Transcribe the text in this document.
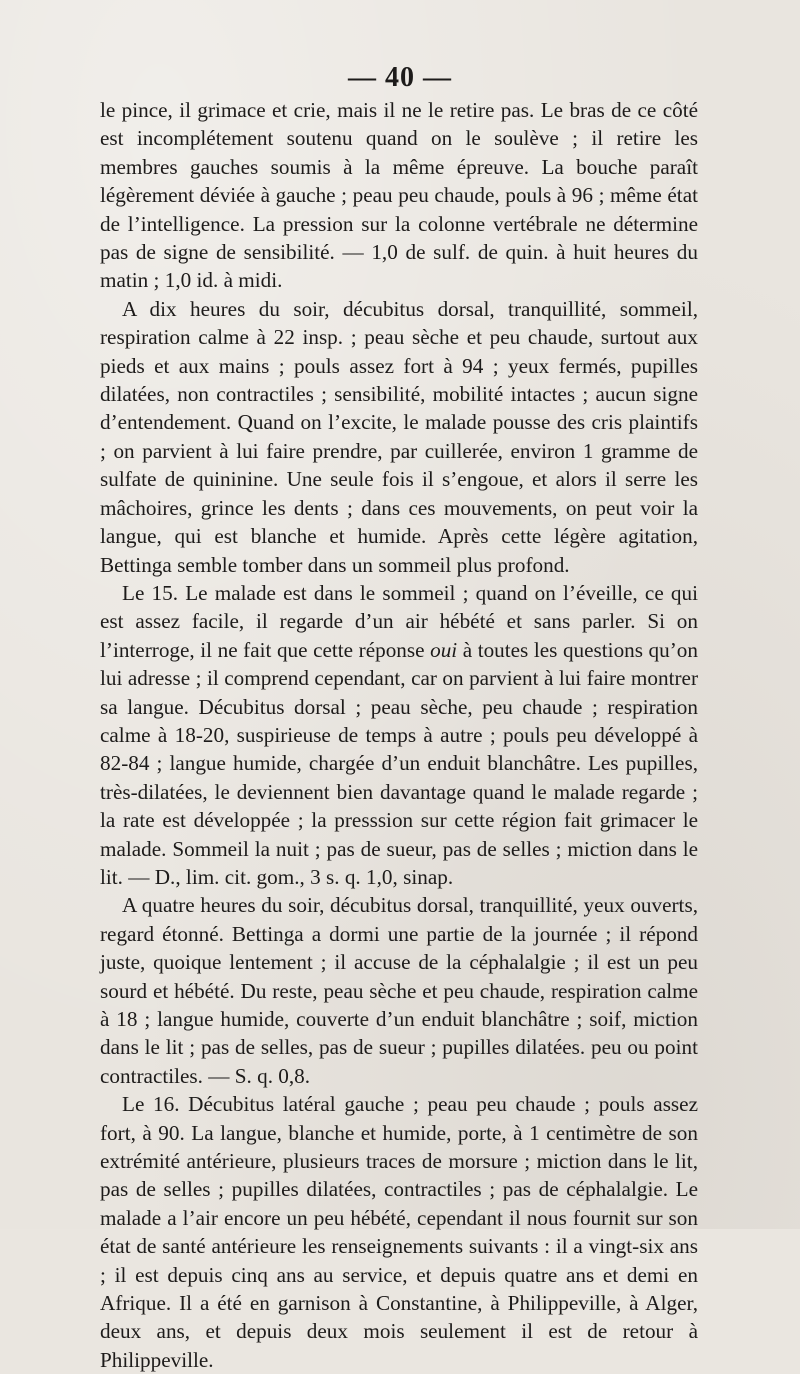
— 40 —

le pince, il grimace et crie, mais il ne le retire pas. Le bras de ce côté est incomplétement soutenu quand on le soulève ; il retire les membres gauches soumis à la même épreuve. La bouche paraît légèrement déviée à gauche ; peau peu chaude, pouls à 96 ; même état de l’intelligence. La pression sur la colonne vertébrale ne détermine pas de signe de sensibilité. — 1,0 de sulf. de quin. à huit heures du matin ; 1,0 id. à midi.

A dix heures du soir, décubitus dorsal, tranquillité, sommeil, respiration calme à 22 insp. ; peau sèche et peu chaude, surtout aux pieds et aux mains ; pouls assez fort à 94 ; yeux fermés, pupilles dilatées, non contractiles ; sensibilité, mobilité intactes ; aucun signe d’entendement. Quand on l’excite, le malade pousse des cris plaintifs ; on parvient à lui faire prendre, par cuillerée, environ 1 gramme de sulfate de quininine. Une seule fois il s’engoue, et alors il serre les mâchoires, grince les dents ; dans ces mouvements, on peut voir la langue, qui est blanche et humide. Après cette légère agitation, Bettinga semble tomber dans un sommeil plus profond.

Le 15. Le malade est dans le sommeil ; quand on l’éveille, ce qui est assez facile, il regarde d’un air hébété et sans parler. Si on l’interroge, il ne fait que cette réponse oui à toutes les questions qu’on lui adresse ; il comprend cependant, car on parvient à lui faire montrer sa langue. Décubitus dorsal ; peau sèche, peu chaude ; respiration calme à 18-20, suspirieuse de temps à autre ; pouls peu développé à 82-84 ; langue humide, chargée d’un enduit blanchâtre. Les pupilles, très-dilatées, le deviennent bien davantage quand le malade regarde ; la rate est développée ; la presssion sur cette région fait grimacer le malade. Sommeil la nuit ; pas de sueur, pas de selles ; miction dans le lit. — D., lim. cit. gom., 3 s. q. 1,0, sinap.

A quatre heures du soir, décubitus dorsal, tranquillité, yeux ouverts, regard étonné. Bettinga a dormi une partie de la journée ; il répond juste, quoique lentement ; il accuse de la céphalalgie ; il est un peu sourd et hébété. Du reste, peau sèche et peu chaude, respiration calme à 18 ; langue humide, couverte d’un enduit blanchâtre ; soif, miction dans le lit ; pas de selles, pas de sueur ; pupilles dilatées. peu ou point contractiles. — S. q. 0,8.

Le 16. Décubitus latéral gauche ; peau peu chaude ; pouls assez fort, à 90. La langue, blanche et humide, porte, à 1 centimètre de son extrémité antérieure, plusieurs traces de morsure ; miction dans le lit, pas de selles ; pupilles dilatées, contractiles ; pas de céphalalgie. Le malade a l’air encore un peu hébété, cependant il nous fournit sur son état de santé antérieure les renseignements suivants : il a vingt-six ans ; il est depuis cinq ans au service, et depuis quatre ans et demi en Afrique. Il a été en garnison à Constantine, à Philippeville, à Alger, deux ans, et depuis deux mois seulement il est de retour à Philippeville.
